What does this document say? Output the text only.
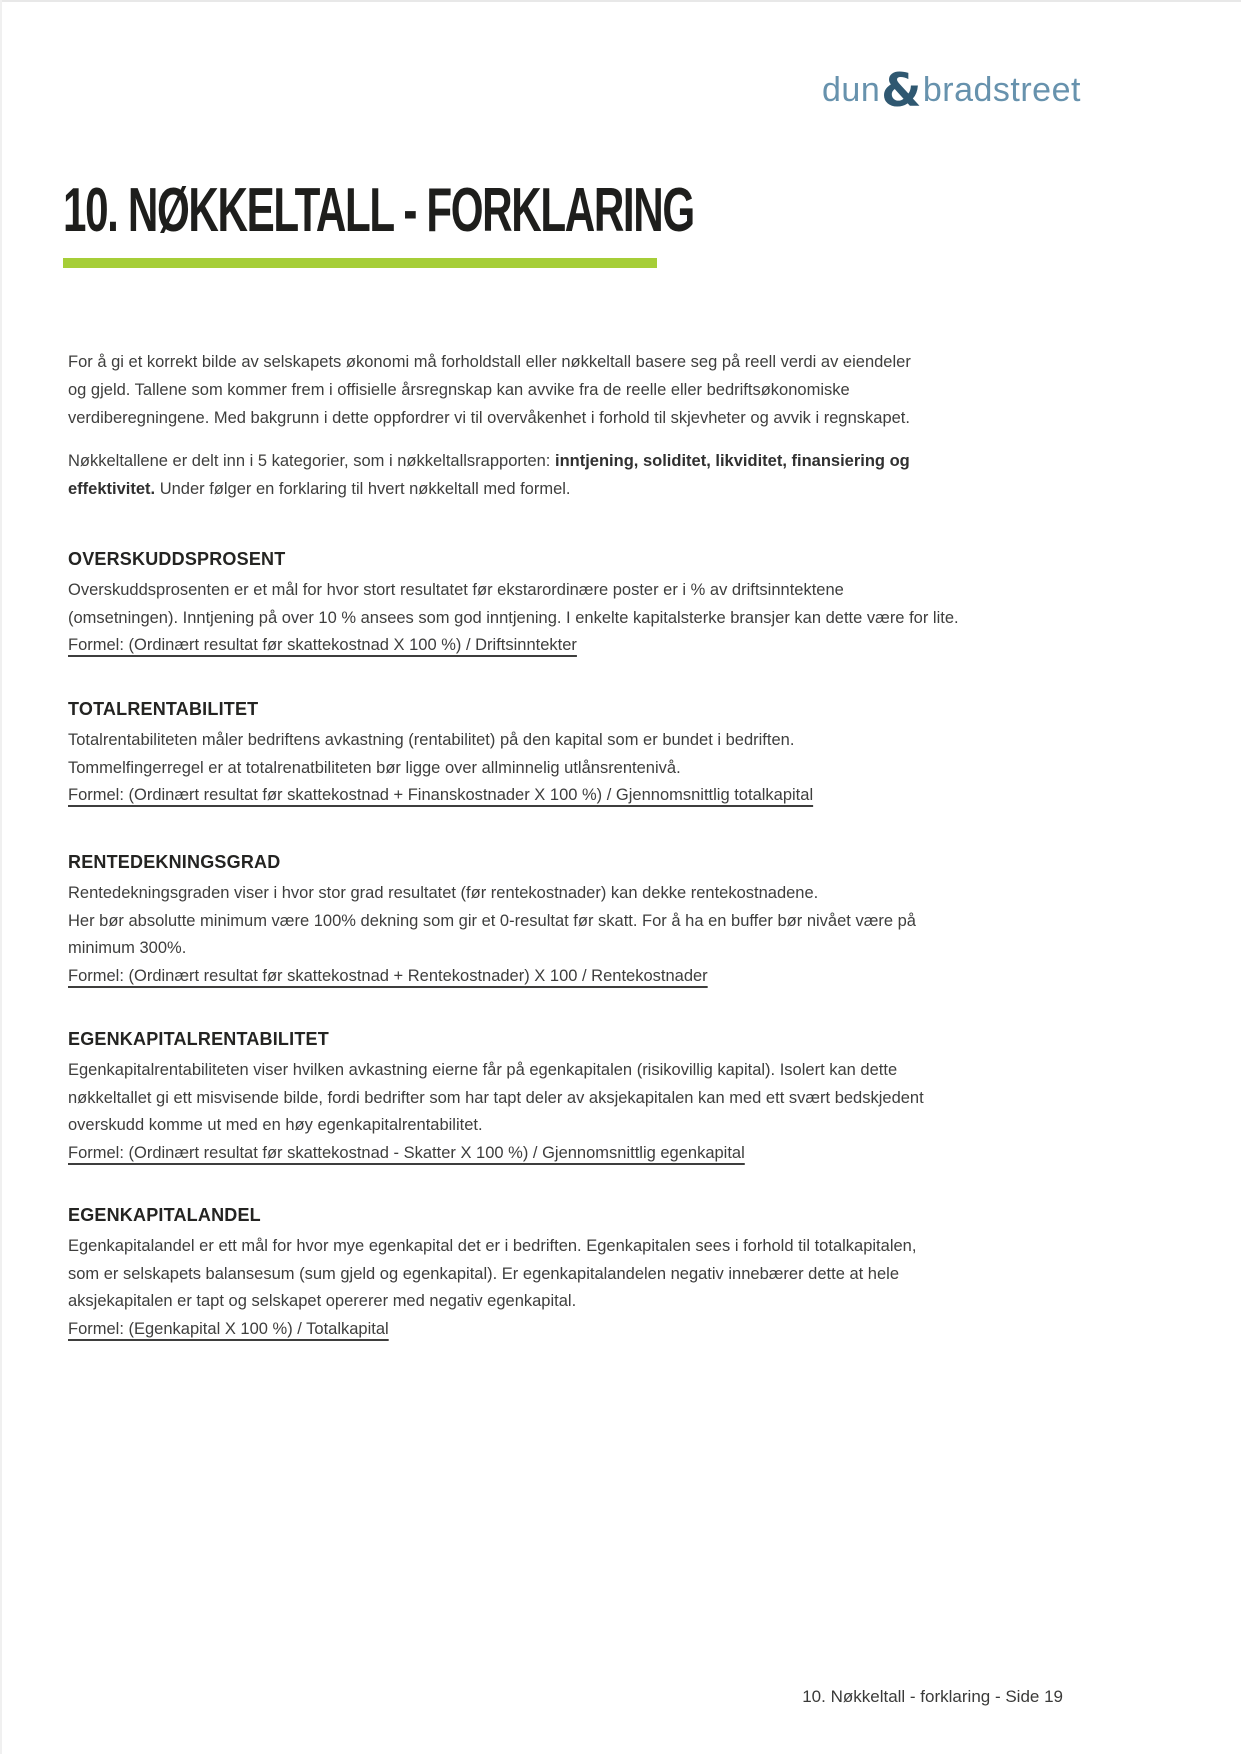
dun&bradstreet
10. NØKKELTALL - FORKLARING
For å gi et korrekt bilde av selskapets økonomi må forholdstall eller nøkkeltall basere seg på reell verdi av eiendeler
og gjeld. Tallene som kommer frem i offisielle årsregnskap kan avvike fra de reelle eller bedriftsøkonomiske
verdiberegningene. Med bakgrunn i dette oppfordrer vi til overvåkenhet i forhold til skjevheter og avvik i regnskapet.
Nøkkeltallene er delt inn i 5 kategorier, som i nøkkeltallsrapporten: inntjening, soliditet, likviditet, finansiering og
effektivitet. Under følger en forklaring til hvert nøkkeltall med formel.
OVERSKUDDSPROSENT
Overskuddsprosenten er et mål for hvor stort resultatet før ekstarordinære poster er i % av driftsinntektene
(omsetningen). Inntjening på over 10 % ansees som god inntjening. I enkelte kapitalsterke bransjer kan dette være for lite.
Formel: (Ordinært resultat før skattekostnad X 100 %) / Driftsinntekter
TOTALRENTABILITET
Totalrentabiliteten måler bedriftens avkastning (rentabilitet) på den kapital som er bundet i bedriften.
Tommelfingerregel er at totalrenatbiliteten bør ligge over allminnelig utlånsrentenivå.
Formel: (Ordinært resultat før skattekostnad + Finanskostnader X 100 %) / Gjennomsnittlig totalkapital
RENTEDEKNINGSGRAD
Rentedekningsgraden viser i hvor stor grad resultatet (før rentekostnader) kan dekke rentekostnadene.
Her bør absolutte minimum være 100% dekning som gir et 0-resultat før skatt. For å ha en buffer bør nivået være på
minimum 300%.
Formel: (Ordinært resultat før skattekostnad + Rentekostnader) X 100 / Rentekostnader
EGENKAPITALRENTABILITET
Egenkapitalrentabiliteten viser hvilken avkastning eierne får på egenkapitalen (risikovillig kapital). Isolert kan dette
nøkkeltallet gi ett misvisende bilde, fordi bedrifter som har tapt deler av aksjekapitalen kan med ett svært bedskjedent
overskudd komme ut med en høy egenkapitalrentabilitet.
Formel: (Ordinært resultat før skattekostnad - Skatter X 100 %) / Gjennomsnittlig egenkapital
EGENKAPITALANDEL
Egenkapitalandel er ett mål for hvor mye egenkapital det er i bedriften. Egenkapitalen sees i forhold til totalkapitalen,
som er selskapets balansesum (sum gjeld og egenkapital). Er egenkapitalandelen negativ innebærer dette at hele
aksjekapitalen er tapt og selskapet opererer med negativ egenkapital.
Formel: (Egenkapital X 100 %) / Totalkapital
10. Nøkkeltall - forklaring - Side 19
